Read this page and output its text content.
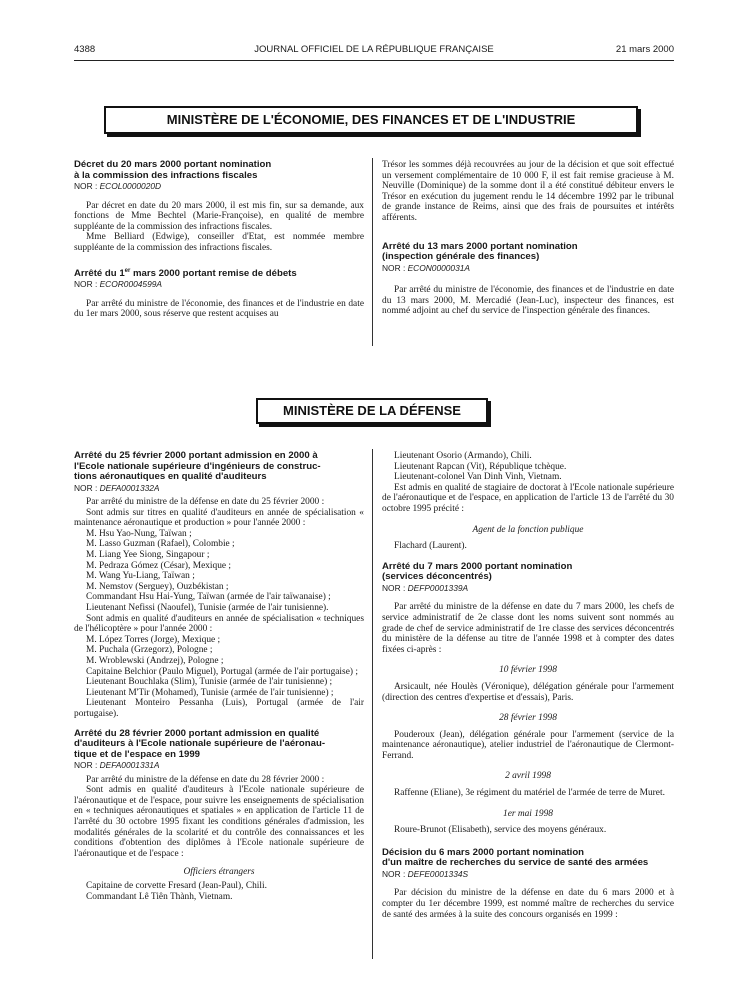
4388	JOURNAL OFFICIEL DE LA RÉPUBLIQUE FRANÇAISE	21 mars 2000
MINISTÈRE DE L'ÉCONOMIE, DES FINANCES ET DE L'INDUSTRIE

Décret du 20 mars 2000 portant nomination

à la commission des infractions fiscales

NOR : ECOL0000020D

Par décret en date du 20 mars 2000, il est mis fin, sur sa demande, aux fonctions de Mme Bechtel (Marie-Françoise), en qualité de membre suppléante de la commission des infractions fiscales.

Mme Belliard (Edwige), conseiller d'Etat, est nommée membre suppléante de la commission des infractions fiscales.

Arrêté du 1er mars 2000 portant remise de débets

NOR : ECOR0004599A

Par arrêté du ministre de l'économie, des finances et de l'industrie en date du 1er mars 2000, sous réserve que restent acquises au

Trésor les sommes déjà recouvrées au jour de la décision et que soit effectué un versement complémentaire de 10 000 F, il est fait remise gracieuse à M. Neuville (Dominique) de la somme dont il a été constitué débiteur envers le Trésor en exécution du jugement rendu le 14 décembre 1992 par le tribunal de grande instance de Reims, ainsi que des frais de poursuites et intérêts afférents.

Arrêté du 13 mars 2000 portant nomination

(inspection générale des finances)

NOR : ECON0000031A

Par arrêté du ministre de l'économie, des finances et de l'industrie en date du 13 mars 2000, M. Mercadié (Jean-Luc), inspecteur des finances, est nommé adjoint au chef du service de l'inspection générale des finances.

MINISTÈRE DE LA DÉFENSE

Arrêté du 25 février 2000 portant admission en 2000 à

l'Ecole nationale supérieure d'ingénieurs de construc-

tions aéronautiques en qualité d'auditeurs

NOR : DEFA0001332A

Par arrêté du ministre de la défense en date du 25 février 2000 :

Sont admis sur titres en qualité d'auditeurs en année de spécialisation « maintenance aéronautique et production » pour l'année 2000 :

M. Hsu Yao-Nung, Taïwan ;

M. Lasso Guzman (Rafael), Colombie ;

M. Liang Yee Siong, Singapour ;

M. Pedraza Gómez (César), Mexique ;

M. Wang Yu-Liang, Taïwan ;

M. Nemstov (Serguey), Ouzbékistan ;

Commandant Hsu Hai-Yung, Taïwan (armée de l'air taïwanaise) ;

Lieutenant Nefissi (Naoufel), Tunisie (armée de l'air tunisienne).

Sont admis en qualité d'auditeurs en année de spécialisation « techniques de l'hélicoptère » pour l'année 2000 :

M. López Torres (Jorge), Mexique ;

M. Puchala (Grzegorz), Pologne ;

M. Wroblewski (Andrzej), Pologne ;

Capitaine Belchior (Paulo Miguel), Portugal (armée de l'air portugaise) ;

Lieutenant Bouchlaka (Slim), Tunisie (armée de l'air tunisienne) ;

Lieutenant M'Tir (Mohamed), Tunisie (armée de l'air tunisienne) ;

Lieutenant Monteiro Pessanha (Luis), Portugal (armée de l'air portugaise).

Arrêté du 28 février 2000 portant admission en qualité

d'auditeurs à l'Ecole nationale supérieure de l'aéronau-

tique et de l'espace en 1999

NOR : DEFA0001331A

Par arrêté du ministre de la défense en date du 28 février 2000 :

Sont admis en qualité d'auditeurs à l'Ecole nationale supérieure de l'aéronautique et de l'espace, pour suivre les enseignements de spécialisation en « techniques aéronautiques et spatiales » en application de l'article 11 de l'arrêté du 30 octobre 1995 fixant les conditions générales d'admission, les modalités générales de la scolarité et du contrôle des connaissances et les conditions d'obtention des diplômes à l'Ecole nationale supérieure de l'aéronautique et de l'espace :

Officiers étrangers

Capitaine de corvette Fresard (Jean-Paul), Chili.

Commandant Lê Tiên Thành, Vietnam.

Lieutenant Osorio (Armando), Chili.

Lieutenant Rapcan (Vit), République tchèque.

Lieutenant-colonel Van Dinh Vinh, Vietnam.

Est admis en qualité de stagiaire de doctorat à l'Ecole nationale supérieure de l'aéronautique et de l'espace, en application de l'article 13 de l'arrêté du 30 octobre 1995 précité :

Agent de la fonction publique

Flachard (Laurent).

Arrêté du 7 mars 2000 portant nomination

(services déconcentrés)

NOR : DEFP0001339A

Par arrêté du ministre de la défense en date du 7 mars 2000, les chefs de service administratif de 2e classe dont les noms suivent sont nommés au grade de chef de service administratif de 1re classe des services déconcentrés du ministère de la défense au titre de l'année 1998 et à compter des dates fixées ci-après :

10 février 1998

Arsicault, née Houlès (Véronique), délégation générale pour l'armement (direction des centres d'expertise et d'essais), Paris.

28 février 1998

Pouderoux (Jean), délégation générale pour l'armement (service de la maintenance aéronautique), atelier industriel de l'aéronautique de Clermont-Ferrand.

2 avril 1998

Raffenne (Eliane), 3e régiment du matériel de l'armée de terre de Muret.

1er mai 1998

Roure-Brunot (Elisabeth), service des moyens généraux.

Décision du 6 mars 2000 portant nomination

d'un maître de recherches du service de santé des armées

NOR : DEFE0001334S

Par décision du ministre de la défense en date du 6 mars 2000 et à compter du 1er décembre 1999, est nommé maître de recherches du service de santé des armées à la suite des concours organisés en 1999 :
